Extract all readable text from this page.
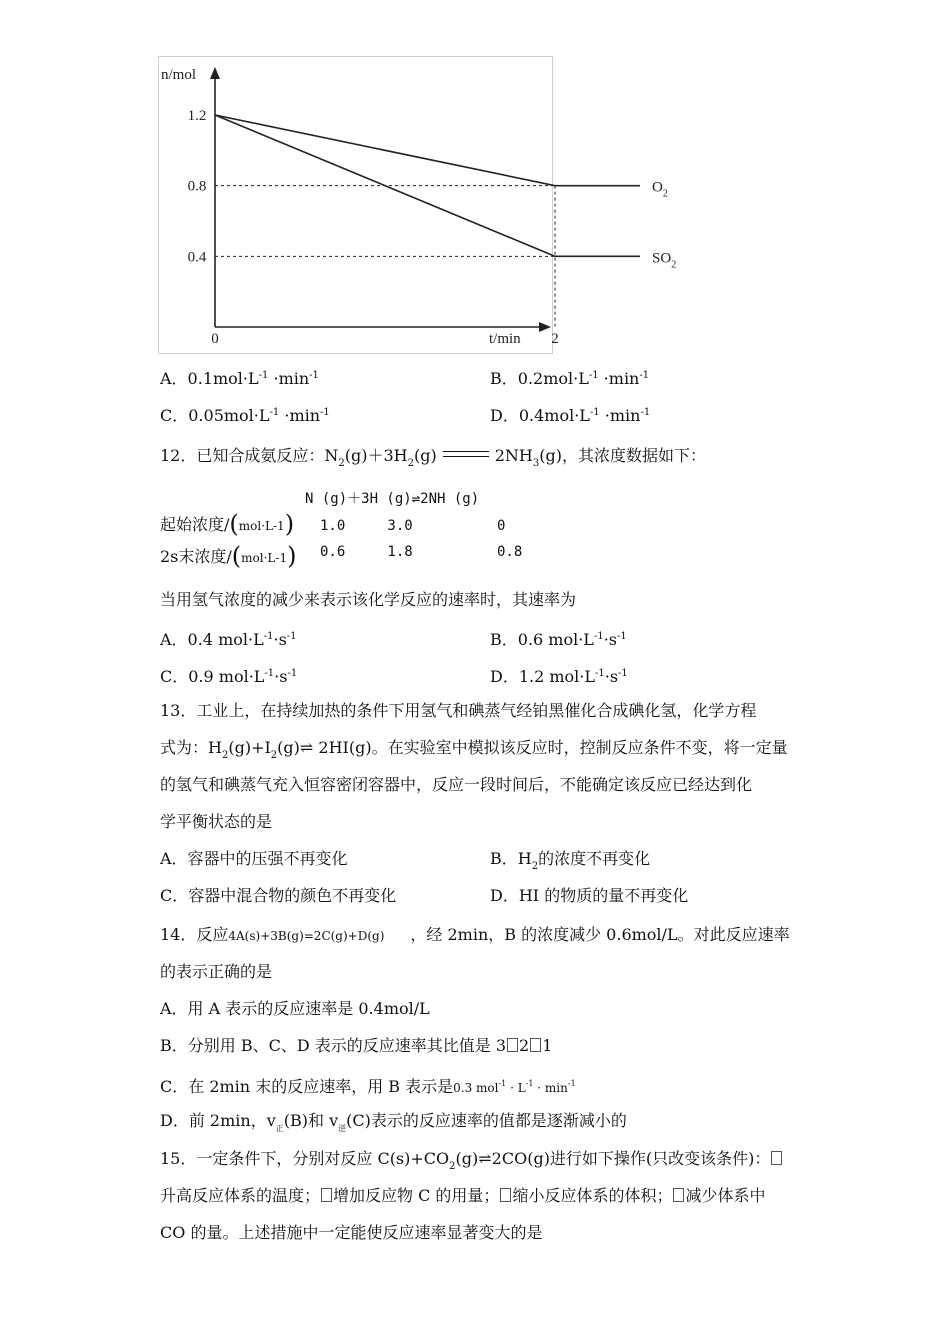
n/mol
t/min
0
1.2
0.8
0.4
2
$O_2$
$SO_2$
A．$0.1mol\cdot L^{-1} \cdot\min^{-1}$	B．$0.2mol\cdot L^{-1} \cdot\min^{-1}$
C．$0.05mol\cdot L^{-1} \cdot\min^{-1}$	D．$0.4mol\cdot L^{-1} \cdot\min^{-1}$
12．已知合成氨反应：$N_2(g)+3H_2(g)$	$2NH_3(g)$，其浓度数据如下：
N (g)＋3H (g)⇌2NH (g)
起始浓度/(mol·L-1) 1.0     3.0          0
2s末浓度/(mol·L-1) 0.6     1.8          0.8
当用氢气浓度的减少来表示该化学反应的速率时，其速率为
A．0.4 $mol\cdot L^{-1}\cdot s^{-1}$	B．0.6 $mol\cdot L^{-1}\cdot s^{-1}$
C．0.9 $mol\cdot L^{-1}\cdot s^{-1}$	D．1.2 $mol\cdot L^{-1}\cdot s^{-1}$
13．工业上，在持续加热的条件下用氢气和碘蒸气经铂黑催化合成碘化氢，化学方程
式为：$H_2(g)+I_2(g)\rightleftharpoons$ 2HI(g)。在实验室中模拟该反应时，控制反应条件不变，将一定量
的氢气和碘蒸气充入恒容密闭容器中，反应一段时间后，不能确定该反应已经达到化
学平衡状态的是
A．容器中的压强不再变化	B．$H_2$的浓度不再变化
C．容器中混合物的颜色不再变化	D．HI 的物质的量不再变化
14．反应4A(s)+3B(g)=2C(g)+D(g) ，经 2min，B 的浓度减少 0.6mol/L。对此反应速率
的表示正确的是
A．用 A 表示的反应速率是 0.4mol/L
B．分别用 B、C、D 表示的反应速率其比值是 3 2 1
C．在 2min 末的反应速率，用 B 表示是0.3 $mol^{-1} \cdot L^{-1} \cdot \min^{-1}$
D．前 2min，$v_正(B)$和 $v_逆(C)$表示的反应速率的值都是逐渐减小的
15．一定条件下，分别对反应 $C(s)+CO_2(g)\rightleftharpoons 2CO(g)$进行如下操作(只改变该条件)：
升高反应体系的温度； 增加反应物 C 的用量； 缩小反应体系的体积； 减少体系中
CO 的量。上述措施中一定能使反应速率显著变大的是
